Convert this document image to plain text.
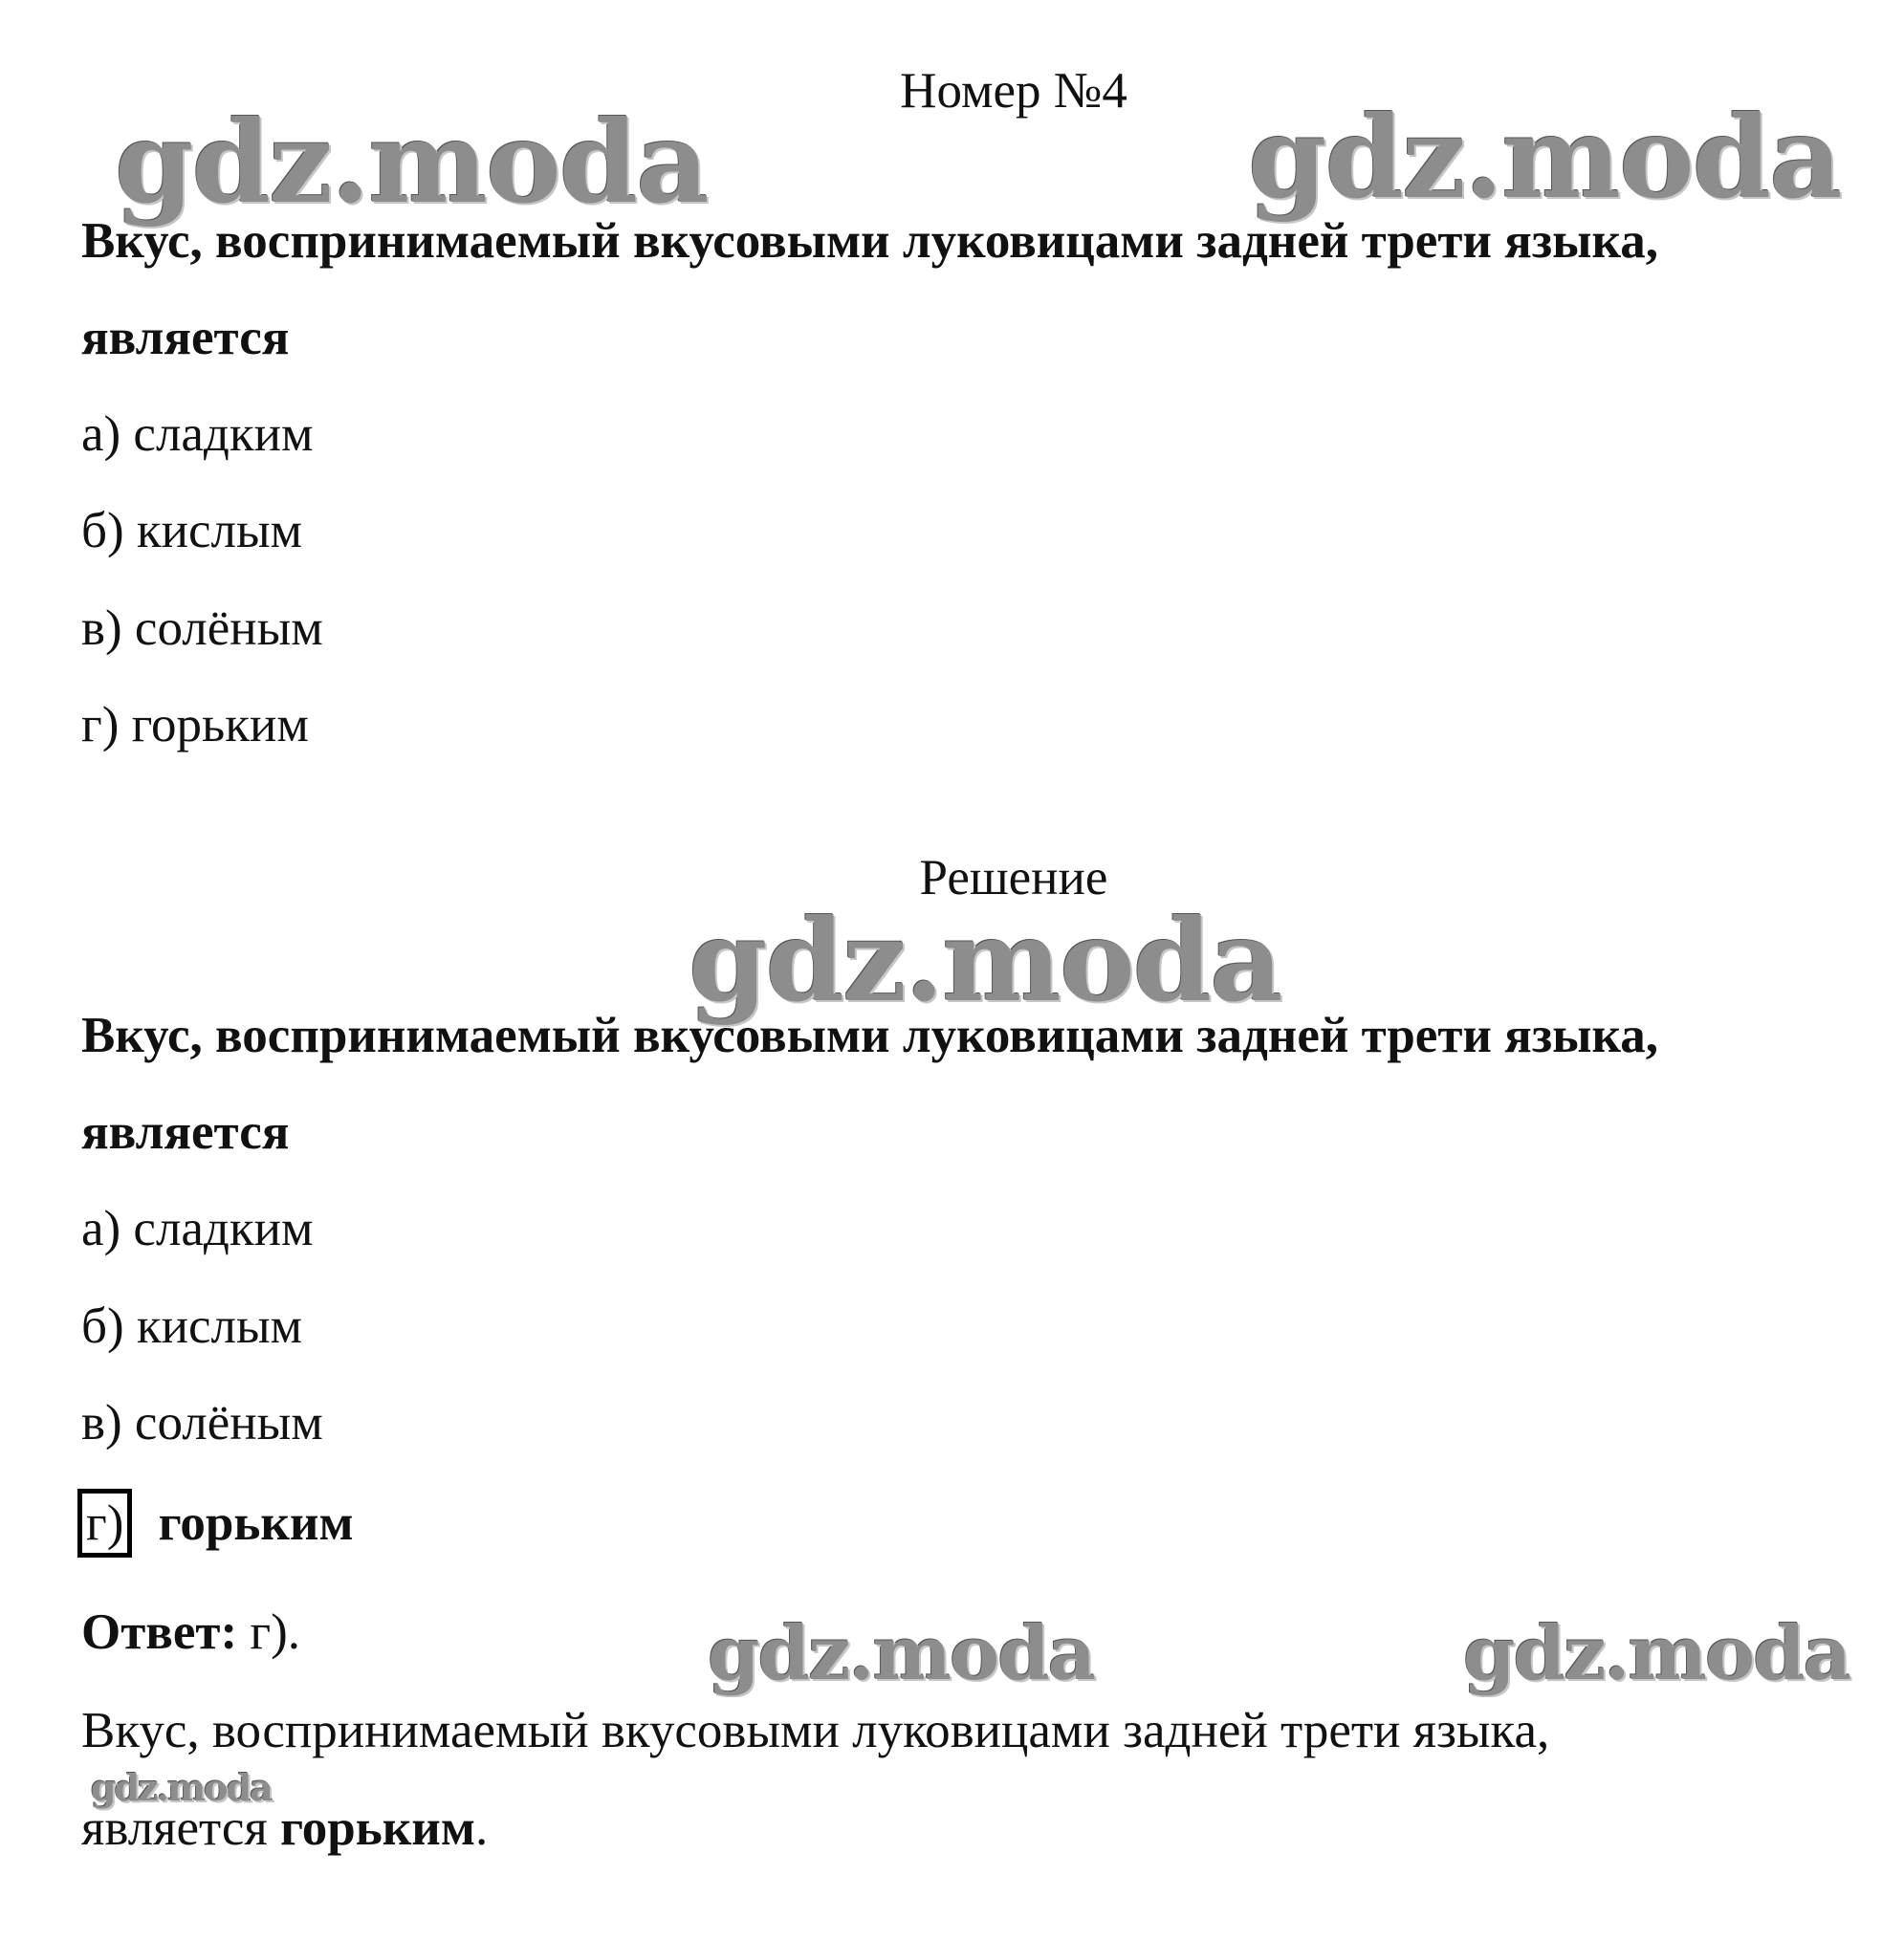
gdz.moda	gdz.moda
gdz.moda
gdz.moda	gdz.moda
gdz.moda
Номер №4
Вкус, воспринимаемый вкусовыми луковицами задней трети языка,
является
а) сладким
б) кислым
в) солёным
г) горьким
Решение
Вкус, воспринимаемый вкусовыми луковицами задней трети языка,
является
а) сладким
б) кислым
в) солёным
г) горьким
Ответ: г).
Вкус, воспринимаемый вкусовыми луковицами задней трети языка,
является горьким.
